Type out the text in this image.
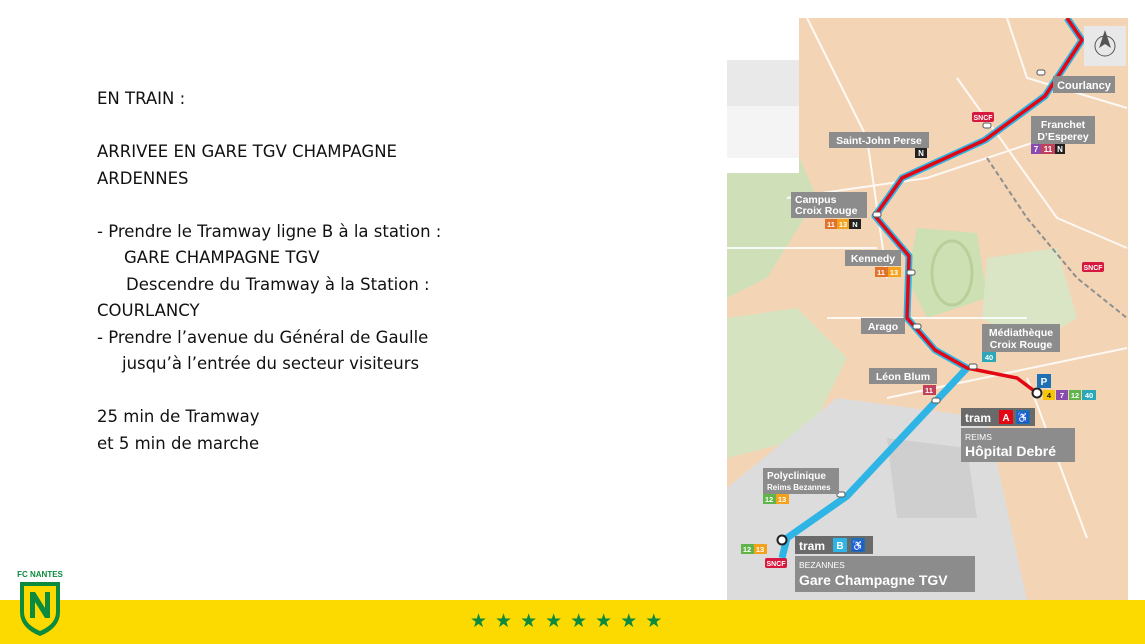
EN TRAIN :
ARRIVEE EN GARE TGV CHAMPAGNE
ARDENNES
- Prendre le Tramway ligne B à la station :
GARE CHAMPAGNE TGV
Descendre du Tramway à la Station :
COURLANCY
- Prendre l’avenue du Général de Gaulle
jusqu’à l’entrée du secteur visiteurs
25 min de Tramway
et 5 min de marche
Courlancy
Franchet
D’Esperey
7 11 N
SNCF
Saint-John Perse
N
Campus
Croix Rouge
11 13 N
Kennedy
11 13
Arago	Médiathèque
Croix Rouge
40
Léon Blum
11
P
4 7 12 40
tram A ♿
REIMS
Hôpital Debré
Polyclinique
Reims Bezannes
12 13
12 13	tram B ♿
SNCF BEZANNES
Gare Champagne TGV
SNCF
★★★★★★★★
FC NANTES
